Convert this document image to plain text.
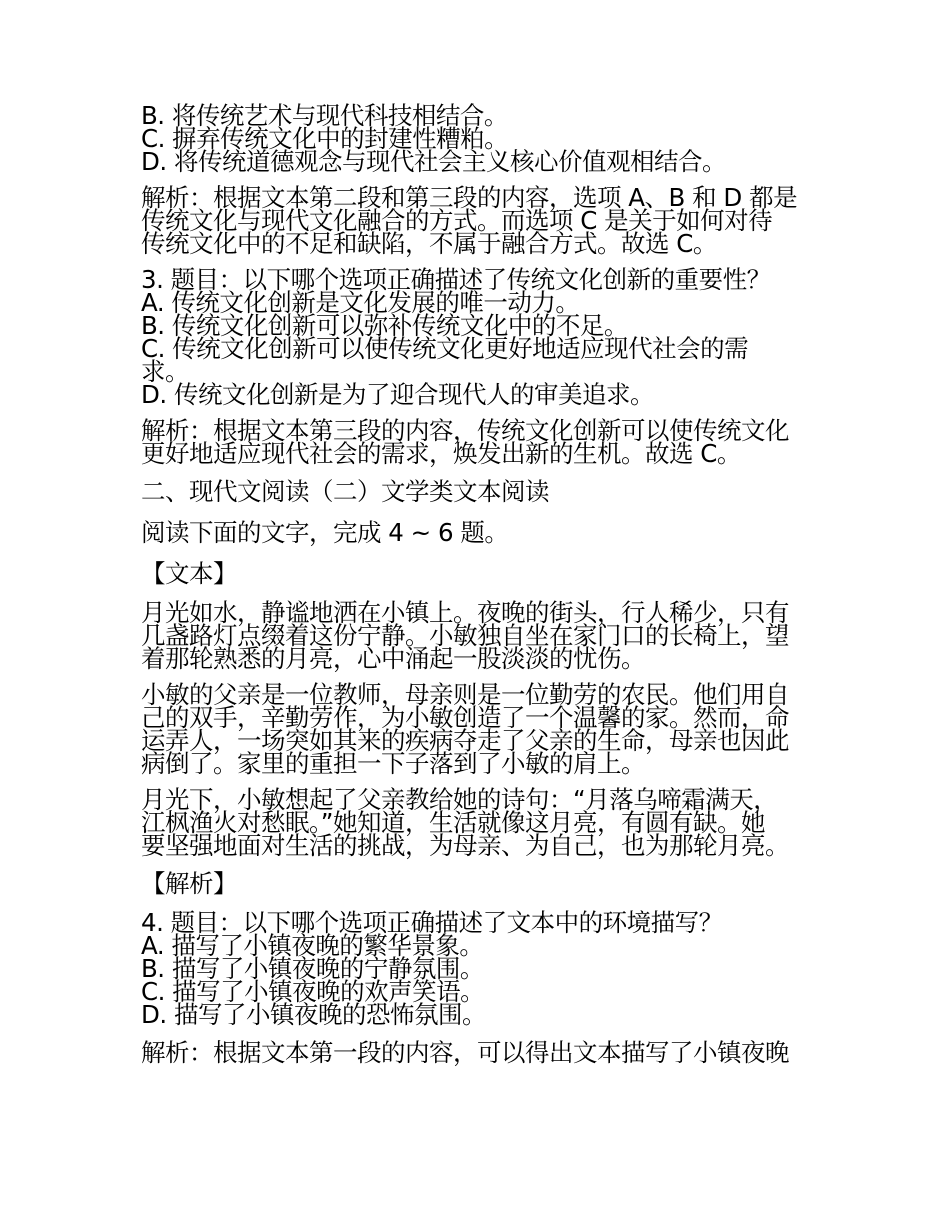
B. 将传统艺术与现代科技相结合。
C. 摒弃传统文化中的封建性糟粕。
D. 将传统道德观念与现代社会主义核心价值观相结合。
解析：根据文本第二段和第三段的内容，选项 A、B 和 D 都是
传统文化与现代文化融合的方式。而选项 C 是关于如何对待
传统文化中的不足和缺陷，不属于融合方式。故选 C。
3. 题目：以下哪个选项正确描述了传统文化创新的重要性？
A. 传统文化创新是文化发展的唯一动力。
B. 传统文化创新可以弥补传统文化中的不足。
C. 传统文化创新可以使传统文化更好地适应现代社会的需
求。
D. 传统文化创新是为了迎合现代人的审美追求。
解析：根据文本第三段的内容，传统文化创新可以使传统文化
更好地适应现代社会的需求，焕发出新的生机。故选 C。
二、现代文阅读（二）文学类文本阅读
阅读下面的文字，完成 4 ~ 6 题。
【文本】
月光如水，静谧地洒在小镇上。夜晚的街头，行人稀少，只有
几盏路灯点缀着这份宁静。小敏独自坐在家门口的长椅上，望
着那轮熟悉的月亮，心中涌起一股淡淡的忧伤。
小敏的父亲是一位教师，母亲则是一位勤劳的农民。他们用自
己的双手，辛勤劳作，为小敏创造了一个温馨的家。然而，命
运弄人，一场突如其来的疾病夺走了父亲的生命，母亲也因此
病倒了。家里的重担一下子落到了小敏的肩上。
月光下，小敏想起了父亲教给她的诗句：“月落乌啼霜满天，
江枫渔火对愁眠。”她知道，生活就像这月亮，有圆有缺。她
要坚强地面对生活的挑战，为母亲、为自己，也为那轮月亮。
【解析】
4. 题目：以下哪个选项正确描述了文本中的环境描写？
A. 描写了小镇夜晚的繁华景象。
B. 描写了小镇夜晚的宁静氛围。
C. 描写了小镇夜晚的欢声笑语。
D. 描写了小镇夜晚的恐怖氛围。
解析：根据文本第一段的内容，可以得出文本描写了小镇夜晚
